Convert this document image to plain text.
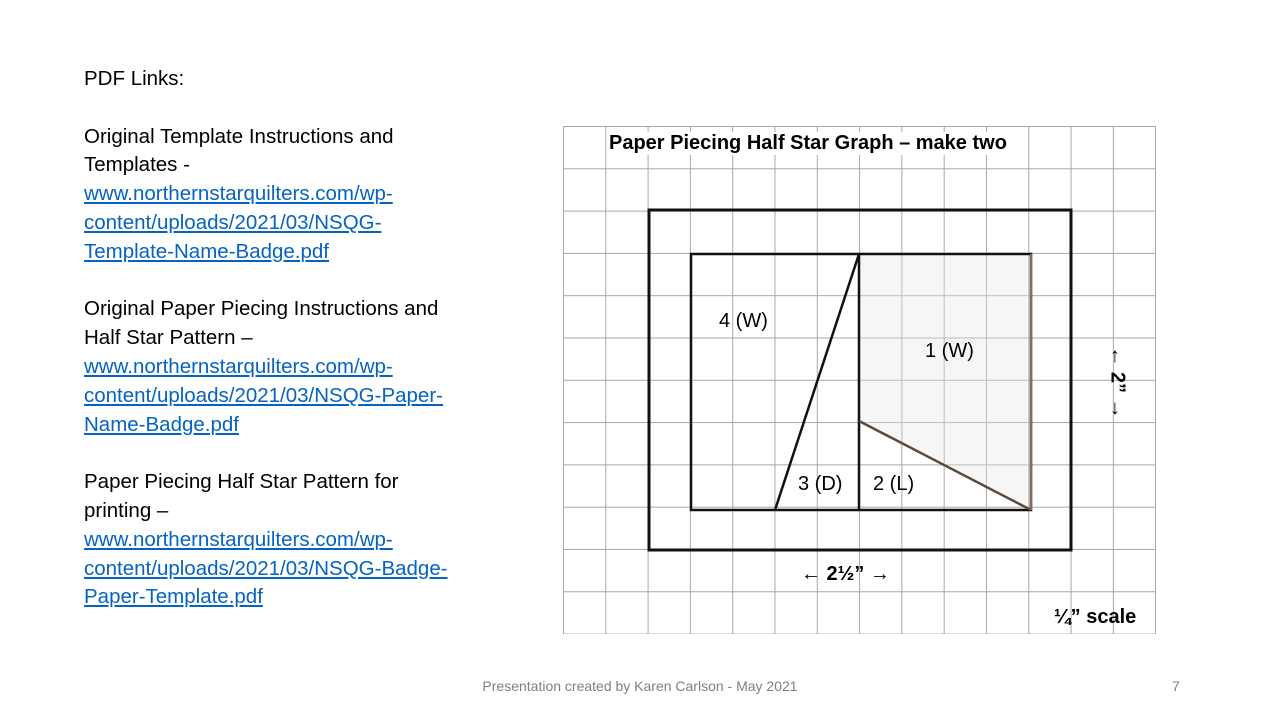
PDF Links:

Original Template Instructions and Templates -

www.northernstarquilters.com/wp-content/uploads/2021/03/NSQG-Template-Name-Badge.pdf

Original Paper Piecing Instructions and Half Star Pattern –

www.northernstarquilters.com/wp-content/uploads/2021/03/NSQG-Paper-Name-Badge.pdf

Paper Piecing Half Star Pattern for printing –

www.northernstarquilters.com/wp-content/uploads/2021/03/NSQG-Badge-Paper-Template.pdf

Paper Piecing Half Star Graph – make two
4 (W)
1 (W)
3 (D) 2 (L)
← 2½” →
← 2” →
¼” scale
Presentation created by Karen Carlson - May 2021	7
